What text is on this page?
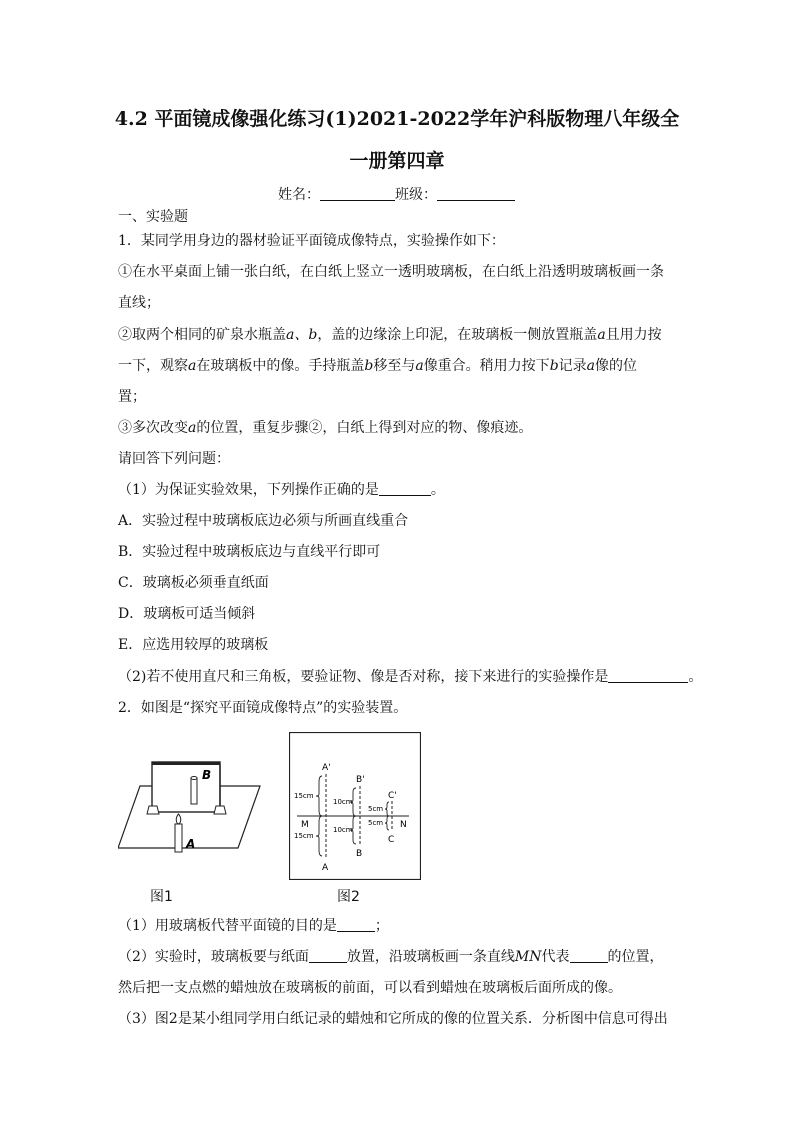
4.2 平面镜成像强化练习(1)2021-2022学年沪科版物理八年级全
一册第四章
姓名：	班级：
一、实验题
1．某同学用身边的器材验证平面镜成像特点，实验操作如下：
①在水平桌面上铺一张白纸，在白纸上竖立一透明玻璃板，在白纸上沿透明玻璃板画一条
直线；
②取两个相同的矿泉水瓶盖a、b，盖的边缘涂上印泥，在玻璃板一侧放置瓶盖a且用力按
一下，观察a在玻璃板中的像。手持瓶盖b移至与a像重合。稍用力按下b记录a像的位
置；
③多次改变a的位置，重复步骤②，白纸上得到对应的物、像痕迹。
请回答下列问题：
（1）为保证实验效果，下列操作正确的是	。
A．实验过程中玻璃板底边必须与所画直线重合
B．实验过程中玻璃板底边与直线平行即可
C．玻璃板必须垂直纸面
D．玻璃板可适当倾斜
E．应选用较厚的玻璃板
（2)若不使用直尺和三角板，要验证物、像是否对称，接下来进行的实验操作是	。
2．如图是“探究平面镜成像特点”的实验装置。
B
A
图1
A'
B'
C'
A
B
C
M	N
15cm
15cm
10cm
10cm
5cm
5cm
图2
（1）用玻璃板代替平面镜的目的是	；
（2）实验时，玻璃板要与纸面	放置，沿玻璃板画一条直线MN代表	的位置，
然后把一支点燃的蜡烛放在玻璃板的前面，可以看到蜡烛在玻璃板后面所成的像。
（3）图2是某小组同学用白纸记录的蜡烛和它所成的像的位置关系．分析图中信息可得出
